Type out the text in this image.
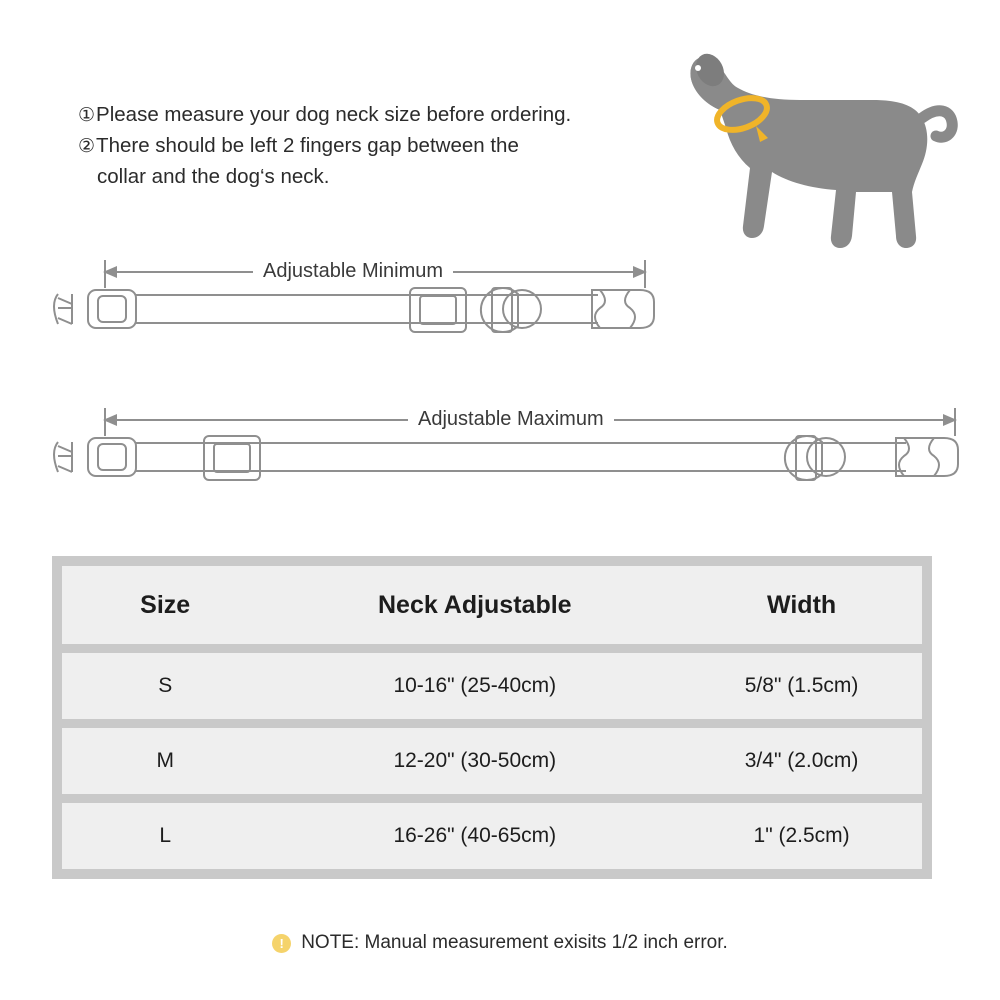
①Please measure your dog neck size before ordering.
②There should be left 2 fingers gap between the
collar and the dog‘s neck.
Adjustable Minimum
Adjustable Maximum
Size	Neck Adjustable	Width
S	10-16" (25-40cm)	5/8" (1.5cm)
M	12-20" (30-50cm)	3/4" (2.0cm)
L	16-26" (40-65cm)	1" (2.5cm)
! NOTE: Manual measurement exisits 1/2 inch error.
